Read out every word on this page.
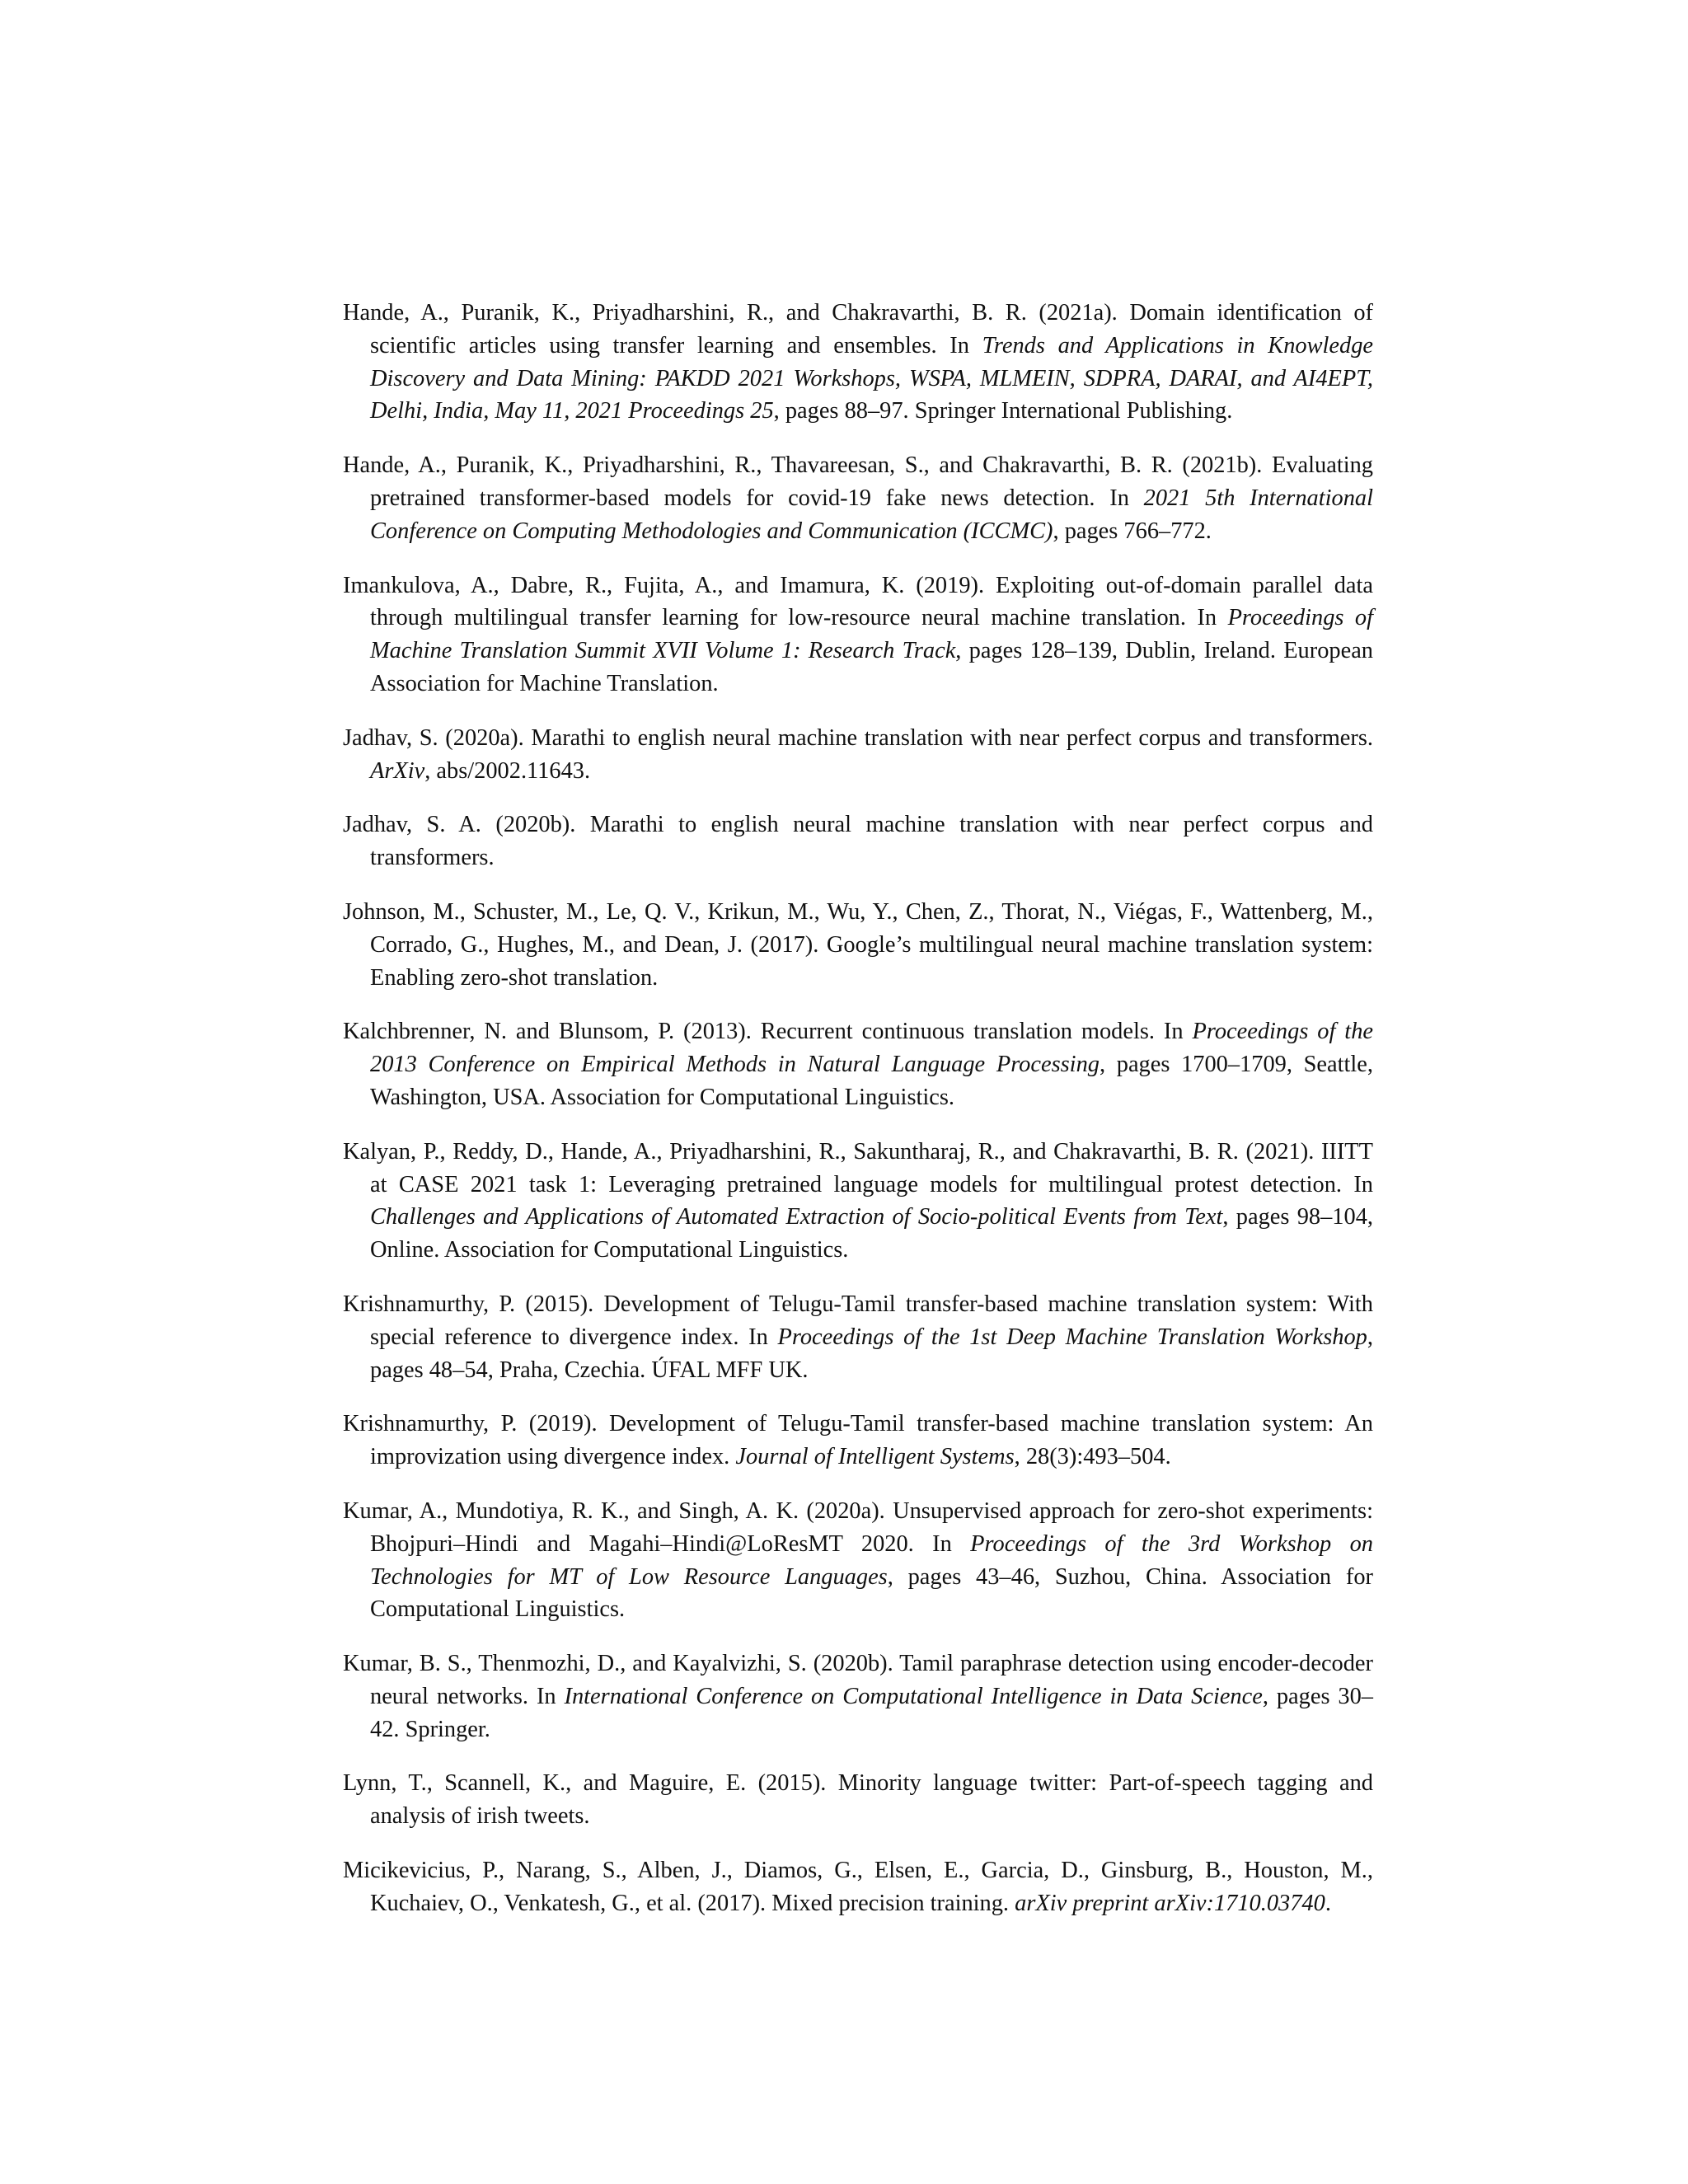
Hande, A., Puranik, K., Priyadharshini, R., and Chakravarthi, B. R. (2021a). Domain identification of scientific articles using transfer learning and ensembles. In Trends and Applications in Knowledge Discovery and Data Mining: PAKDD 2021 Workshops, WSPA, MLMEIN, SDPRA, DARAI, and AI4EPT, Delhi, India, May 11, 2021 Proceedings 25, pages 88–97. Springer International Publishing.
Hande, A., Puranik, K., Priyadharshini, R., Thavareesan, S., and Chakravarthi, B. R. (2021b). Evaluating pretrained transformer-based models for covid-19 fake news detection. In 2021 5th International Conference on Computing Methodologies and Communication (ICCMC), pages 766–772.
Imankulova, A., Dabre, R., Fujita, A., and Imamura, K. (2019). Exploiting out-of-domain parallel data through multilingual transfer learning for low-resource neural machine translation. In Proceedings of Machine Translation Summit XVII Volume 1: Research Track, pages 128–139, Dublin, Ireland. European Association for Machine Translation.
Jadhav, S. (2020a). Marathi to english neural machine translation with near perfect corpus and transformers. ArXiv, abs/2002.11643.
Jadhav, S. A. (2020b). Marathi to english neural machine translation with near perfect corpus and transformers.
Johnson, M., Schuster, M., Le, Q. V., Krikun, M., Wu, Y., Chen, Z., Thorat, N., Viégas, F., Wattenberg, M., Corrado, G., Hughes, M., and Dean, J. (2017). Google’s multilingual neural machine translation system: Enabling zero-shot translation.
Kalchbrenner, N. and Blunsom, P. (2013). Recurrent continuous translation models. In Proceedings of the 2013 Conference on Empirical Methods in Natural Language Processing, pages 1700–1709, Seattle, Washington, USA. Association for Computational Linguistics.
Kalyan, P., Reddy, D., Hande, A., Priyadharshini, R., Sakuntharaj, R., and Chakravarthi, B. R. (2021). IIITT at CASE 2021 task 1: Leveraging pretrained language models for multilingual protest detection. In Challenges and Applications of Automated Extraction of Socio-political Events from Text, pages 98–104, Online. Association for Computational Linguistics.
Krishnamurthy, P. (2015). Development of Telugu-Tamil transfer-based machine translation system: With special reference to divergence index. In Proceedings of the 1st Deep Machine Translation Workshop, pages 48–54, Praha, Czechia. ÚFAL MFF UK.
Krishnamurthy, P. (2019). Development of Telugu-Tamil transfer-based machine translation system: An improvization using divergence index. Journal of Intelligent Systems, 28(3):493–504.
Kumar, A., Mundotiya, R. K., and Singh, A. K. (2020a). Unsupervised approach for zero-shot experiments: Bhojpuri–Hindi and Magahi–Hindi@LoResMT 2020. In Proceedings of the 3rd Workshop on Technologies for MT of Low Resource Languages, pages 43–46, Suzhou, China. Association for Computational Linguistics.
Kumar, B. S., Thenmozhi, D., and Kayalvizhi, S. (2020b). Tamil paraphrase detection using encoder-decoder neural networks. In International Conference on Computational Intelligence in Data Science, pages 30–42. Springer.
Lynn, T., Scannell, K., and Maguire, E. (2015). Minority language twitter: Part-of-speech tagging and analysis of irish tweets.
Micikevicius, P., Narang, S., Alben, J., Diamos, G., Elsen, E., Garcia, D., Ginsburg, B., Houston, M., Kuchaiev, O., Venkatesh, G., et al. (2017). Mixed precision training. arXiv preprint arXiv:1710.03740.
